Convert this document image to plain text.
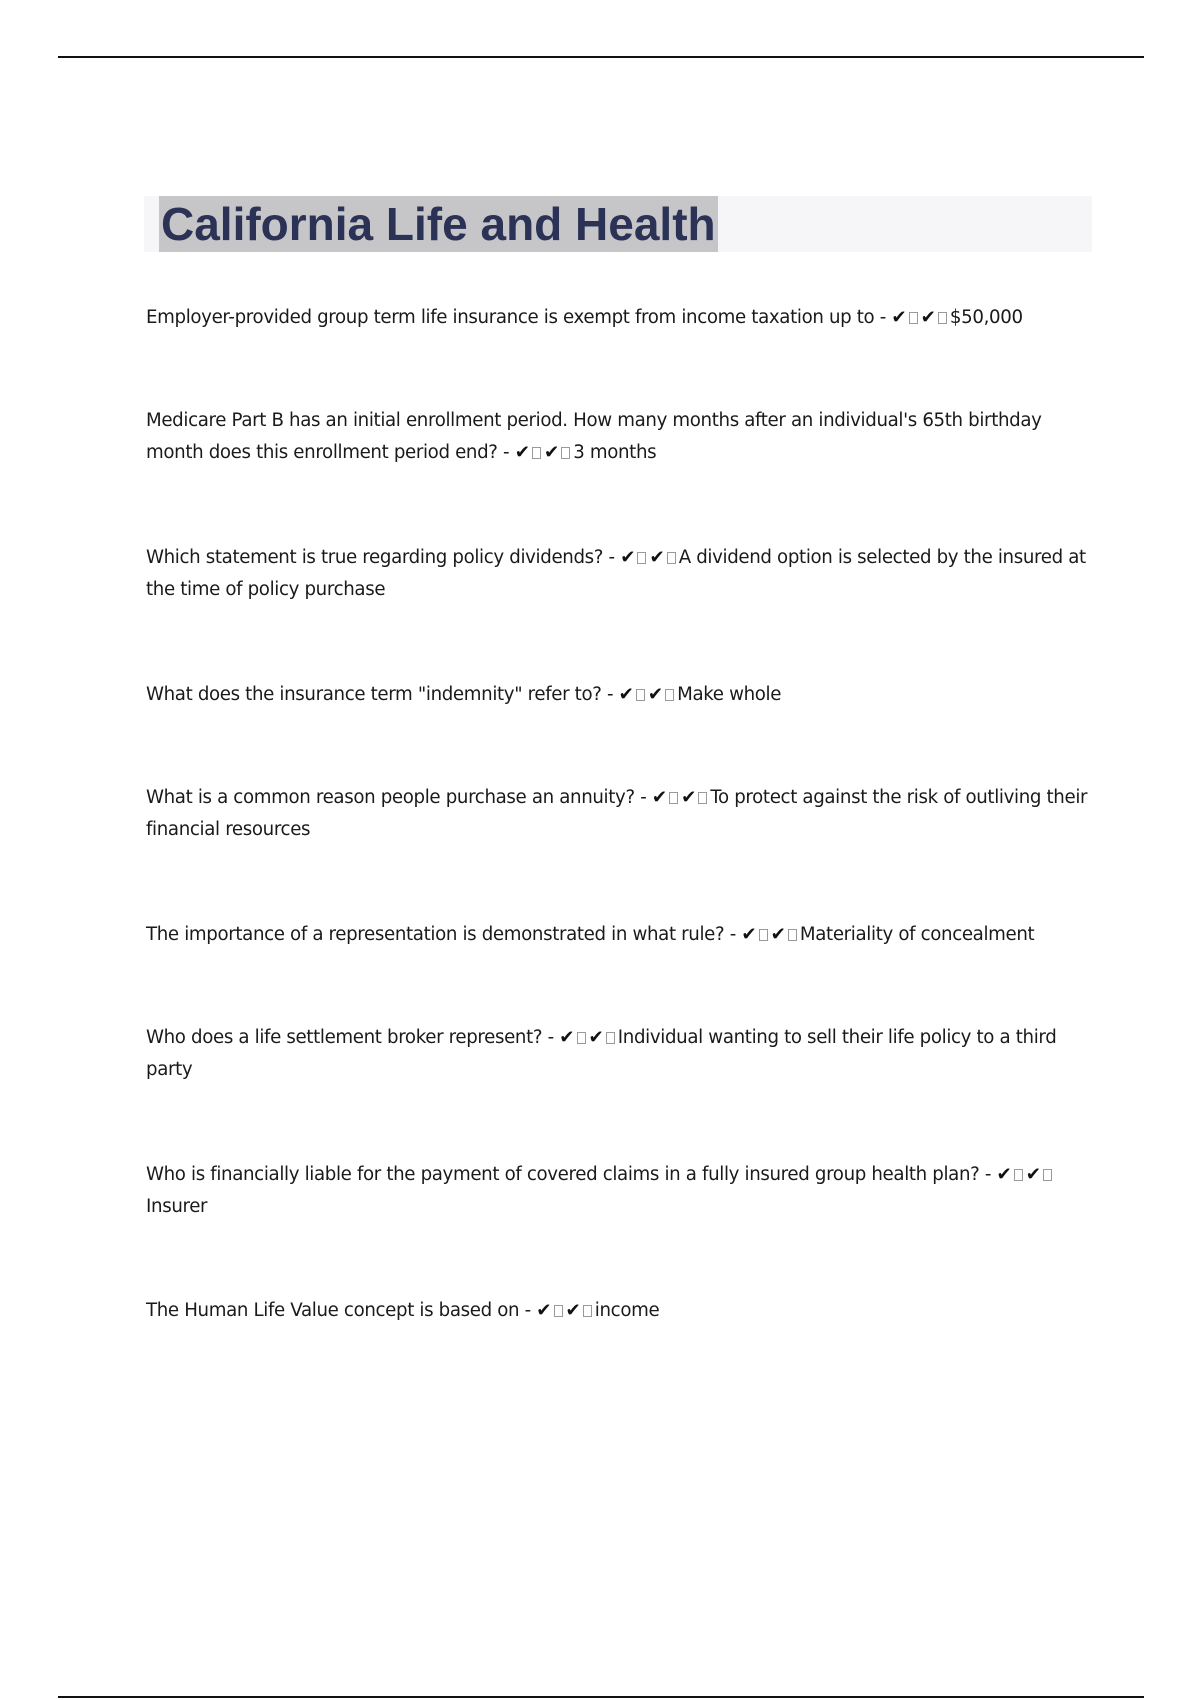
California Life and Health
Employer-provided group term life insurance is exempt from income taxation up to - ✔ ✔ $50,000
Medicare Part B has an initial enrollment period. How many months after an individual's 65th birthday month does this enrollment period end? - ✔ ✔ 3 months
Which statement is true regarding policy dividends? - ✔ ✔ A dividend option is selected by the insured at the time of policy purchase
What does the insurance term "indemnity" refer to? - ✔ ✔ Make whole
What is a common reason people purchase an annuity? - ✔ ✔ To protect against the risk of outliving their financial resources
The importance of a representation is demonstrated in what rule? - ✔ ✔ Materiality of concealment
Who does a life settlement broker represent? - ✔ ✔ Individual wanting to sell their life policy to a third party
Who is financially liable for the payment of covered claims in a fully insured group health plan? - ✔ ✔Insurer
The Human Life Value concept is based on - ✔ ✔ income
